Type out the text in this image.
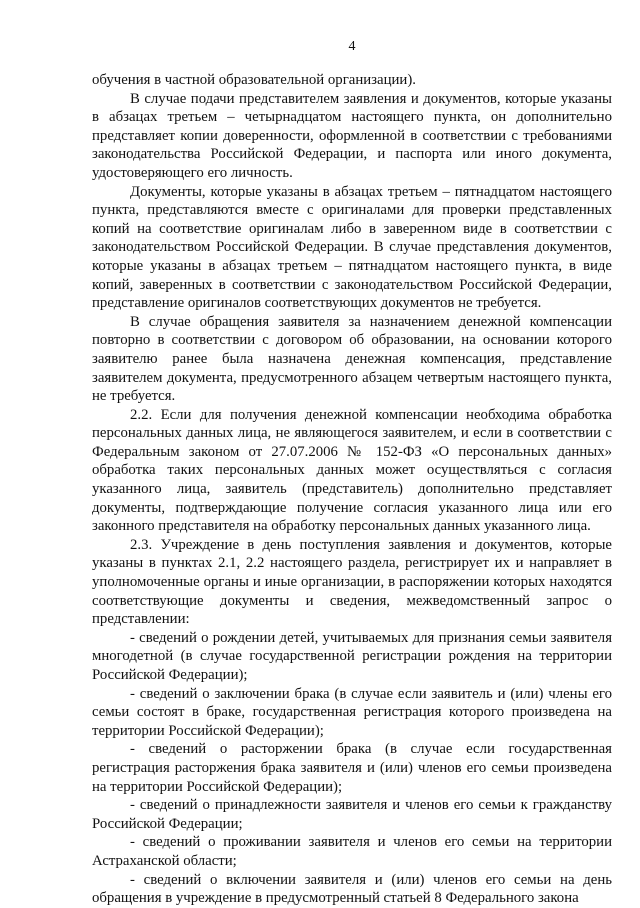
4

обучения в частной образовательной организации).

В случае подачи представителем заявления и документов, которые указаны в абзацах третьем – четырнадцатом настоящего пункта, он дополнительно представляет копии доверенности, оформленной в соответствии с требованиями законодательства Российской Федерации, и паспорта или иного документа, удостоверяющего его личность.

Документы, которые указаны в абзацах третьем – пятнадцатом настоящего пункта, представляются вместе с оригиналами для проверки представленных копий на соответствие оригиналам либо в заверенном виде в соответствии с законодательством Российской Федерации. В случае представления документов, которые указаны в абзацах третьем – пятнадцатом настоящего пункта, в виде копий, заверенных в соответствии с законодательством Российской Федерации, представление оригиналов соответствующих документов не требуется.

В случае обращения заявителя за назначением денежной компенсации повторно в соответствии с договором об образовании, на основании которого заявителю ранее была назначена денежная компенсация, представление заявителем документа, предусмотренного абзацем четвертым настоящего пункта, не требуется.

2.2. Если для получения денежной компенсации необходима обработка персональных данных лица, не являющегося заявителем, и если в соответствии с Федеральным законом от 27.07.2006 № 152-ФЗ «О персональных данных» обработка таких персональных данных может осуществляться с согласия указанного лица, заявитель (представитель) дополнительно представляет документы, подтверждающие получение согласия указанного лица или его законного представителя на обработку персональных данных указанного лица.

2.3. Учреждение в день поступления заявления и документов, которые указаны в пунктах 2.1, 2.2 настоящего раздела, регистрирует их и направляет в уполномоченные органы и иные организации, в распоряжении которых находятся соответствующие документы и сведения, межведомственный запрос о представлении:

- сведений о рождении детей, учитываемых для признания семьи заявителя многодетной (в случае государственной регистрации рождения на территории Российской Федерации);

- сведений о заключении брака (в случае если заявитель и (или) члены его семьи состоят в браке, государственная регистрация которого произведена на территории Российской Федерации);

- сведений о расторжении брака (в случае если государственная регистрация расторжения брака заявителя и (или) членов его семьи произведена на территории Российской Федерации);

- сведений о принадлежности заявителя и членов его семьи к гражданству Российской Федерации;

- сведений о проживании заявителя и членов его семьи на территории Астраханской области;

- сведений о включении заявителя и (или) членов его семьи на день обращения в учреждение в предусмотренный статьей 8 Федерального закона
